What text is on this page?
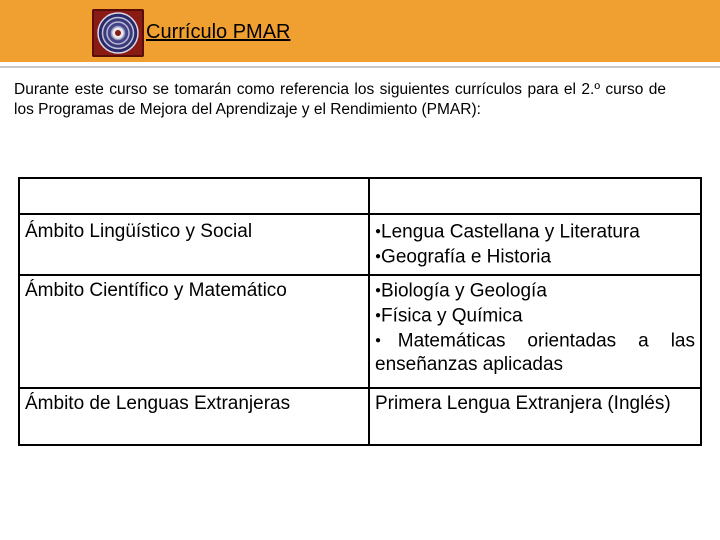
Currículo PMAR
Durante este curso se tomarán como referencia los siguientes currículos para el 2.º curso de los Programas de Mejora del Aprendizaje y el Rendimiento (PMAR):

Ámbito Lingüístico y Social	●Lengua Castellana y Literatura
●Geografía e Historia

Ámbito Científico y Matemático	●Biología y Geología
●Física y Química
●Matemáticas orientadas a las enseñanzas aplicadas

Ámbito de Lenguas Extranjeras	Primera Lengua Extranjera (Inglés)
